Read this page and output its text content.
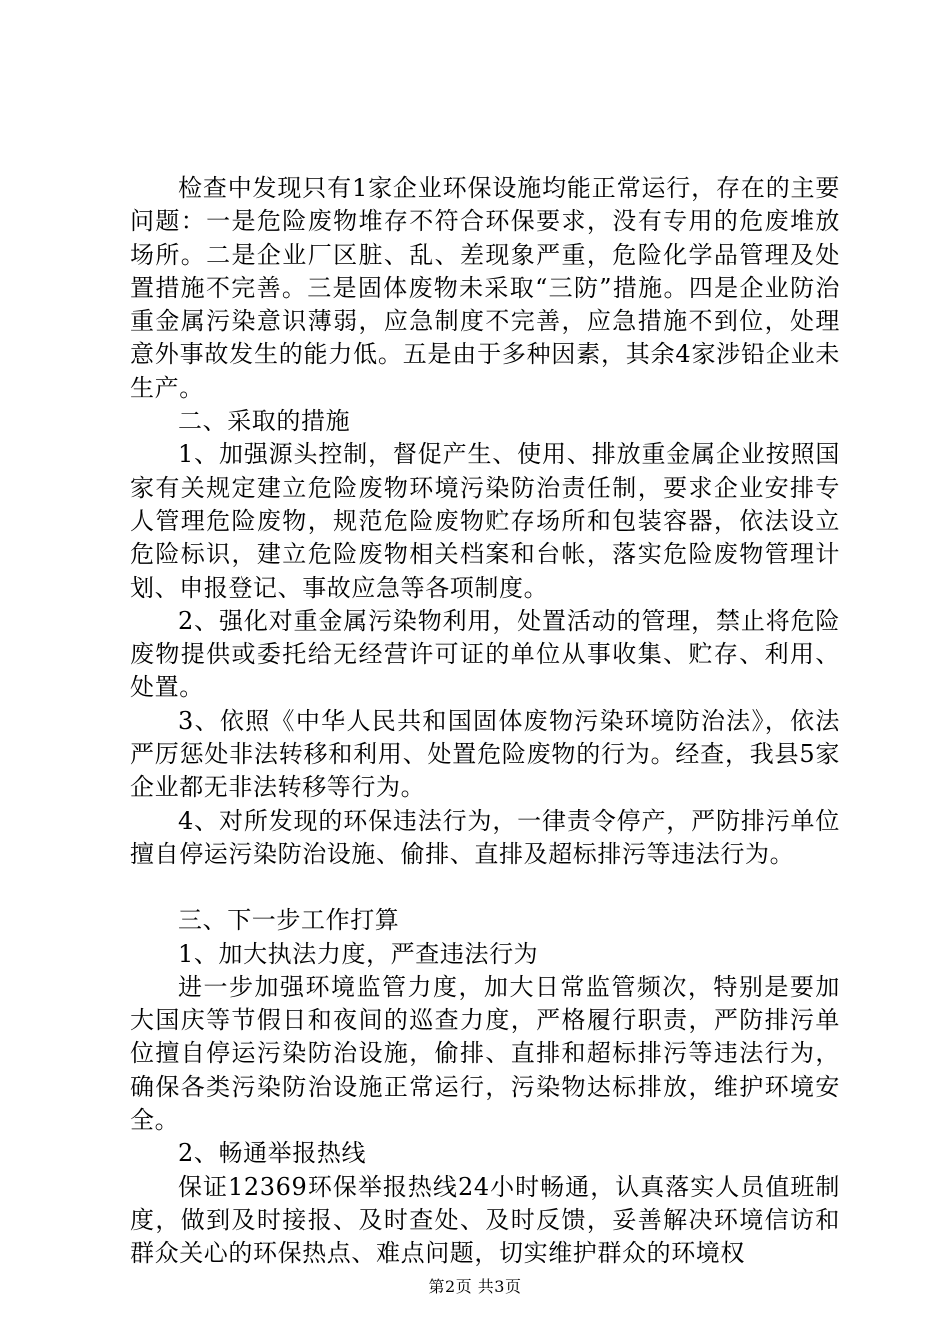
检查中发现只有1家企业环保设施均能正常运行，存在的主要问题：一是危险废物堆存不符合环保要求，没有专用的危废堆放场所。二是企业厂区脏、乱、差现象严重，危险化学品管理及处置措施不完善。三是固体废物未采取“三防”措施。四是企业防治重金属污染意识薄弱，应急制度不完善，应急措施不到位，处理意外事故发生的能力低。五是由于多种因素，其余4家涉铅企业未生产。

二、采取的措施

1、加强源头控制，督促产生、使用、排放重金属企业按照国家有关规定建立危险废物环境污染防治责任制，要求企业安排专人管理危险废物，规范危险废物贮存场所和包装容器，依法设立危险标识，建立危险废物相关档案和台帐，落实危险废物管理计划、申报登记、事故应急等各项制度。

2、强化对重金属污染物利用，处置活动的管理，禁止将危险废物提供或委托给无经营许可证的单位从事收集、贮存、利用、处置。

3、依照《中华人民共和国固体废物污染环境防治法》，依法严厉惩处非法转移和利用、处置危险废物的行为。经查，我县5家企业都无非法转移等行为。

4、对所发现的环保违法行为，一律责令停产，严防排污单位擅自停运污染防治设施、偷排、直排及超标排污等违法行为。

三、下一步工作打算

1、加大执法力度，严查违法行为

进一步加强环境监管力度，加大日常监管频次，特别是要加大国庆等节假日和夜间的巡查力度，严格履行职责，严防排污单位擅自停运污染防治设施，偷排、直排和超标排污等违法行为，确保各类污染防治设施正常运行，污染物达标排放，维护环境安全。

2、畅通举报热线

保证12369环保举报热线24小时畅通，认真落实人员值班制度，做到及时接报、及时查处、及时反馈，妥善解决环境信访和群众关心的环保热点、难点问题，切实维护群众的环境权

第2页 共3页
